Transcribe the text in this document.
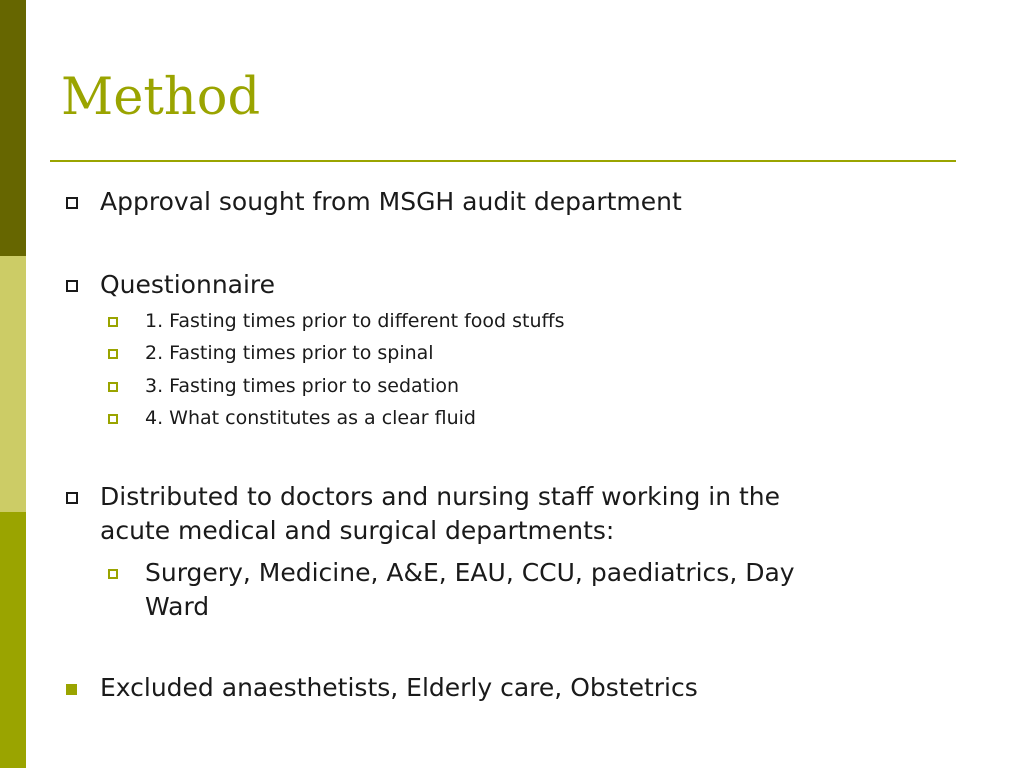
Method
Approval sought from MSGH audit department
Questionnaire
1. Fasting times prior to different food stuffs
2. Fasting times prior to spinal
3. Fasting times prior to sedation
4. What constitutes as a clear fluid
Distributed to doctors and nursing staff working in the
acute medical and surgical departments:
Surgery, Medicine, A&E, EAU, CCU, paediatrics, Day
Ward
Excluded anaesthetists, Elderly care, Obstetrics
